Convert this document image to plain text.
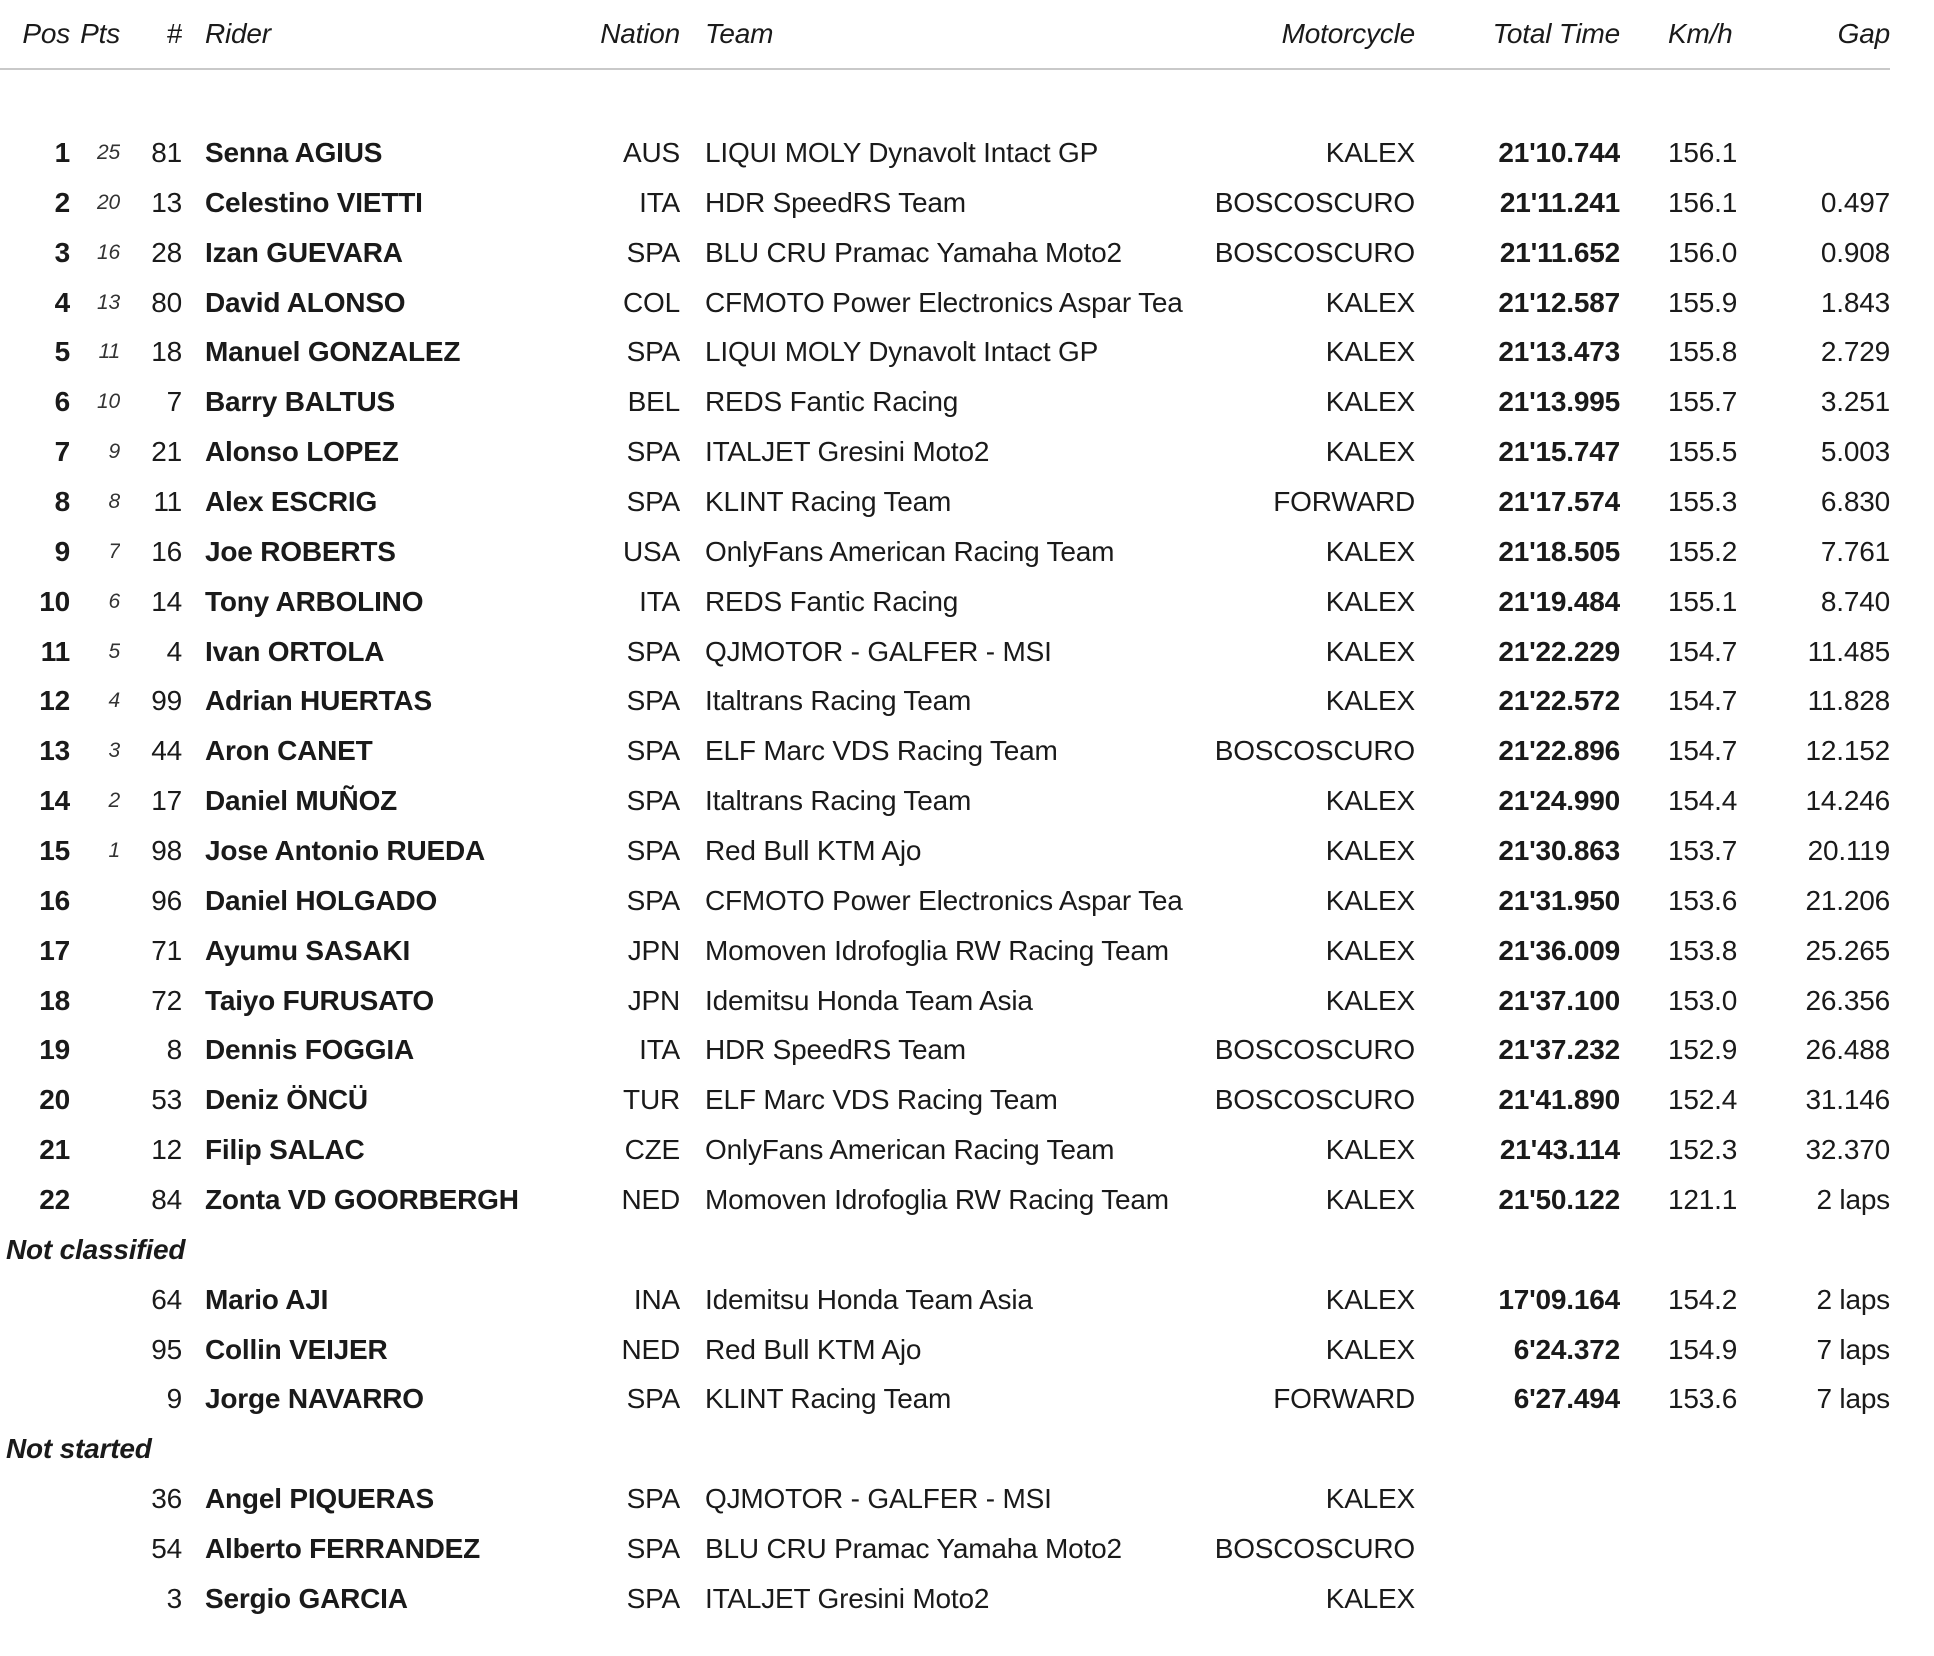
Pos Pts	# Rider	Nation Team	Motorcycle	Total Time	Km/h	Gap
1	25	81 Senna AGIUS	AUS LIQUI MOLY Dynavolt Intact GP	KALEX	21'10.744	156.1
2	20	13 Celestino VIETTI	ITA HDR SpeedRS Team	BOSCOSCURO	21'11.241	156.1	0.497
3	16	28 Izan GUEVARA	SPA BLU CRU Pramac Yamaha Moto2	BOSCOSCURO	21'11.652	156.0	0.908
4	13	80 David ALONSO	COL CFMOTO Power Electronics Aspar Tea	KALEX	21'12.587	155.9	1.843
5	11	18 Manuel GONZALEZ	SPA LIQUI MOLY Dynavolt Intact GP	KALEX	21'13.473	155.8	2.729
6	10	7 Barry BALTUS	BEL REDS Fantic Racing	KALEX	21'13.995	155.7	3.251
7	9	21 Alonso LOPEZ	SPA ITALJET Gresini Moto2	KALEX	21'15.747	155.5	5.003
8	8	11 Alex ESCRIG	SPA KLINT Racing Team	FORWARD	21'17.574	155.3	6.830
9	7	16 Joe ROBERTS	USA OnlyFans American Racing Team	KALEX	21'18.505	155.2	7.761
10	6	14 Tony ARBOLINO	ITA REDS Fantic Racing	KALEX	21'19.484	155.1	8.740
11	5	4 Ivan ORTOLA	SPA QJMOTOR - GALFER - MSI	KALEX	21'22.229	154.7	11.485
12	4	99 Adrian HUERTAS	SPA Italtrans Racing Team	KALEX	21'22.572	154.7	11.828
13	3	44 Aron CANET	SPA ELF Marc VDS Racing Team	BOSCOSCURO	21'22.896	154.7	12.152
14	2	17 Daniel MUÑOZ	SPA Italtrans Racing Team	KALEX	21'24.990	154.4	14.246
15	1	98 Jose Antonio RUEDA	SPA Red Bull KTM Ajo	KALEX	21'30.863	153.7	20.119
16	96 Daniel HOLGADO	SPA CFMOTO Power Electronics Aspar Tea	KALEX	21'31.950	153.6	21.206
17	71 Ayumu SASAKI	JPN Momoven Idrofoglia RW Racing Team	KALEX	21'36.009	153.8	25.265
18	72 Taiyo FURUSATO	JPN Idemitsu Honda Team Asia	KALEX	21'37.100	153.0	26.356
19	8 Dennis FOGGIA	ITA HDR SpeedRS Team	BOSCOSCURO	21'37.232	152.9	26.488
20	53 Deniz ÖNCÜ	TUR ELF Marc VDS Racing Team	BOSCOSCURO	21'41.890	152.4	31.146
21	12 Filip SALAC	CZE OnlyFans American Racing Team	KALEX	21'43.114	152.3	32.370
22	84 Zonta VD GOORBERGH	NED Momoven Idrofoglia RW Racing Team	KALEX	21'50.122	121.1	2 laps
Not classified
64 Mario AJI	INA Idemitsu Honda Team Asia	KALEX	17'09.164	154.2	2 laps
95 Collin VEIJER	NED Red Bull KTM Ajo	KALEX	6'24.372	154.9	7 laps
9 Jorge NAVARRO	SPA KLINT Racing Team	FORWARD	6'27.494	153.6	7 laps
Not started
36 Angel PIQUERAS	SPA QJMOTOR - GALFER - MSI	KALEX
54 Alberto FERRANDEZ	SPA BLU CRU Pramac Yamaha Moto2	BOSCOSCURO
3 Sergio GARCIA	SPA ITALJET Gresini Moto2	KALEX
